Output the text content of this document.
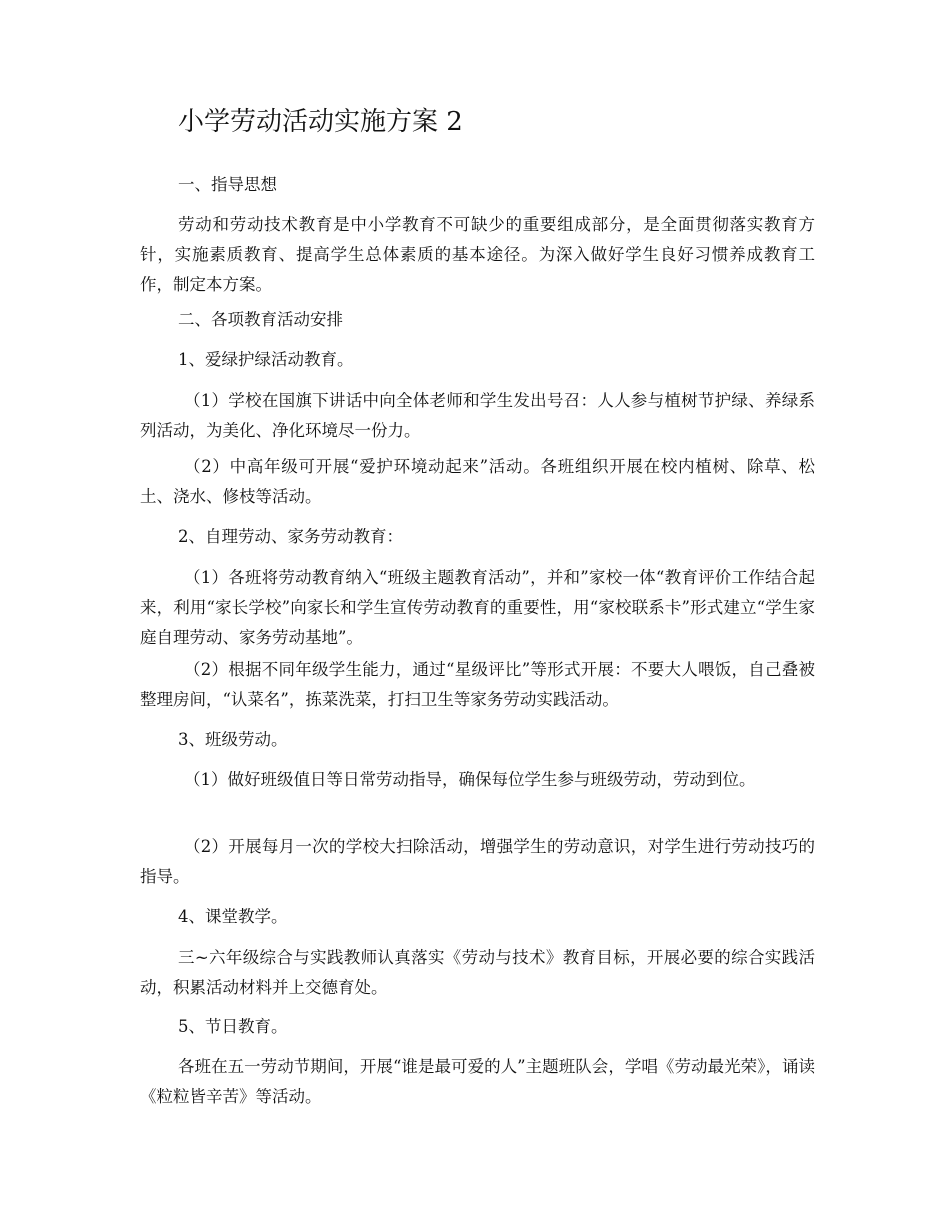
小学劳动活动实施方案 2
一、指导思想
劳动和劳动技术教育是中小学教育不可缺少的重要组成部分，是全面贯彻落实教育方针，实施素质教育、提高学生总体素质的基本途径。为深入做好学生良好习惯养成教育工作，制定本方案。
二、各项教育活动安排
1、爱绿护绿活动教育。
（1）学校在国旗下讲话中向全体老师和学生发出号召：人人参与植树节护绿、养绿系列活动，为美化、净化环境尽一份力。
（2）中高年级可开展“爱护环境动起来”活动。各班组织开展在校内植树、除草、松土、浇水、修枝等活动。
2、自理劳动、家务劳动教育：
（1）各班将劳动教育纳入“班级主题教育活动”，并和”家校一体“教育评价工作结合起来，利用“家长学校”向家长和学生宣传劳动教育的重要性，用“家校联系卡”形式建立“学生家庭自理劳动、家务劳动基地”。
（2）根据不同年级学生能力，通过“星级评比”等形式开展：不要大人喂饭，自己叠被整理房间，“认菜名”，拣菜洗菜，打扫卫生等家务劳动实践活动。
3、班级劳动。
（1）做好班级值日等日常劳动指导，确保每位学生参与班级劳动，劳动到位。
（2）开展每月一次的学校大扫除活动，增强学生的劳动意识，对学生进行劳动技巧的指导。
4、课堂教学。
三~六年级综合与实践教师认真落实《劳动与技术》教育目标，开展必要的综合实践活动，积累活动材料并上交德育处。
5、节日教育。
各班在五一劳动节期间，开展“谁是最可爱的人”主题班队会，学唱《劳动最光荣》，诵读《粒粒皆辛苦》等活动。
